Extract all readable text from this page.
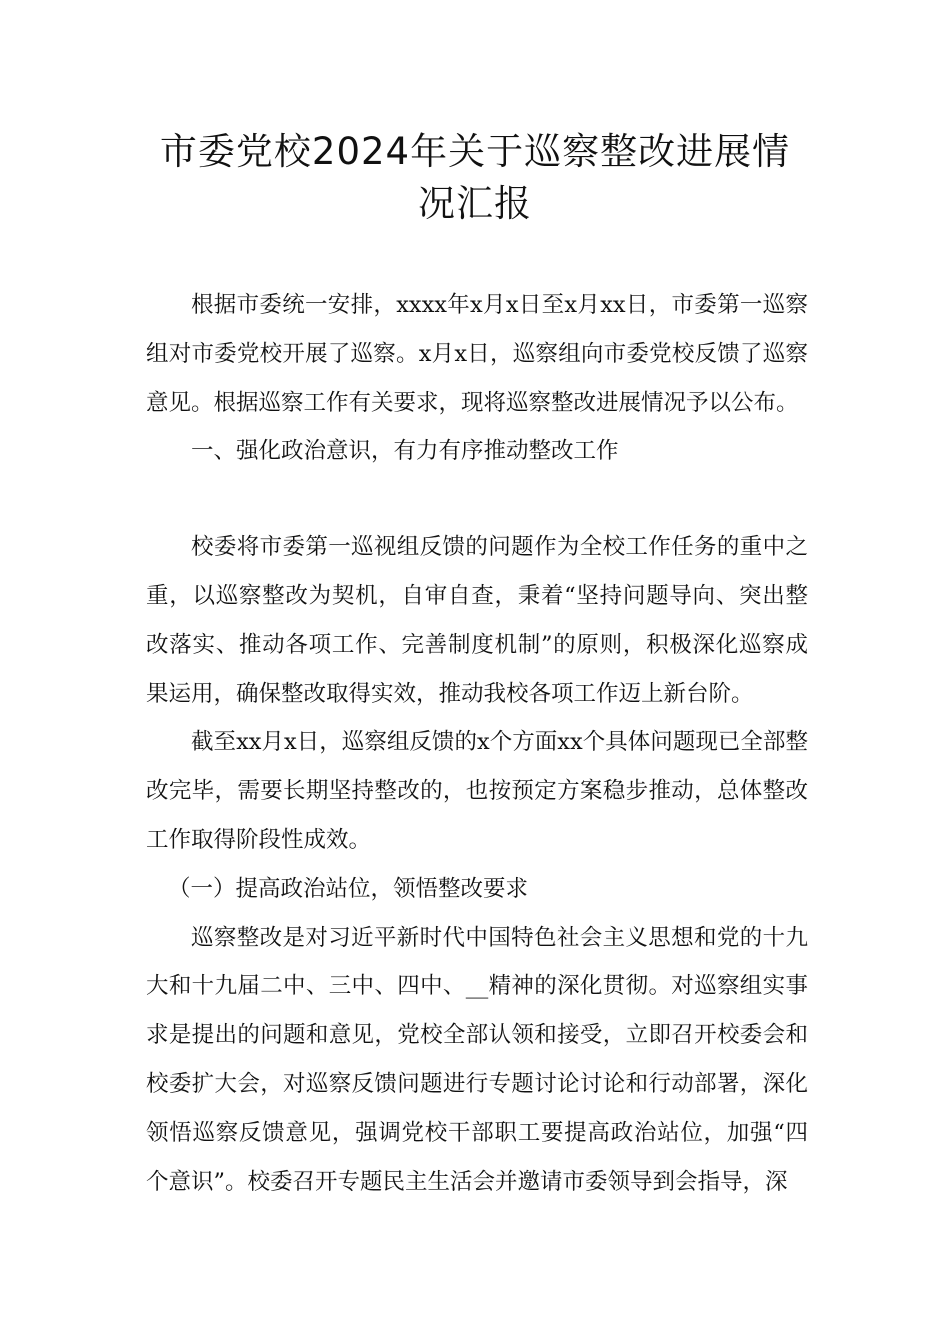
市委党校2024年关于巡察整改进展情
况汇报

根据市委统一安排，xxxx年x月x日至x月xx日，市委第一巡察组对市委党校开展了巡察。x月x日，巡察组向市委党校反馈了巡察意见。根据巡察工作有关要求，现将巡察整改进展情况予以公布。

一、强化政治意识，有力有序推动整改工作

校委将市委第一巡视组反馈的问题作为全校工作任务的重中之重，以巡察整改为契机，自审自查，秉着“坚持问题导向、突出整改落实、推动各项工作、完善制度机制”的原则，积极深化巡察成果运用，确保整改取得实效，推动我校各项工作迈上新台阶。

截至xx月x日，巡察组反馈的x个方面xx个具体问题现已全部整改完毕，需要长期坚持整改的，也按预定方案稳步推动，总体整改工作取得阶段性成效。

（一）提高政治站位，领悟整改要求

巡察整改是对习近平新时代中国特色社会主义思想和党的十九大和十九届二中、三中、四中、__精神的深化贯彻。对巡察组实事求是提出的问题和意见，党校全部认领和接受，立即召开校委会和校委扩大会，对巡察反馈问题进行专题讨论讨论和行动部署，深化领悟巡察反馈意见，强调党校干部职工要提高政治站位，加强“四个意识”。校委召开专题民主生活会并邀请市委领导到会指导，深
